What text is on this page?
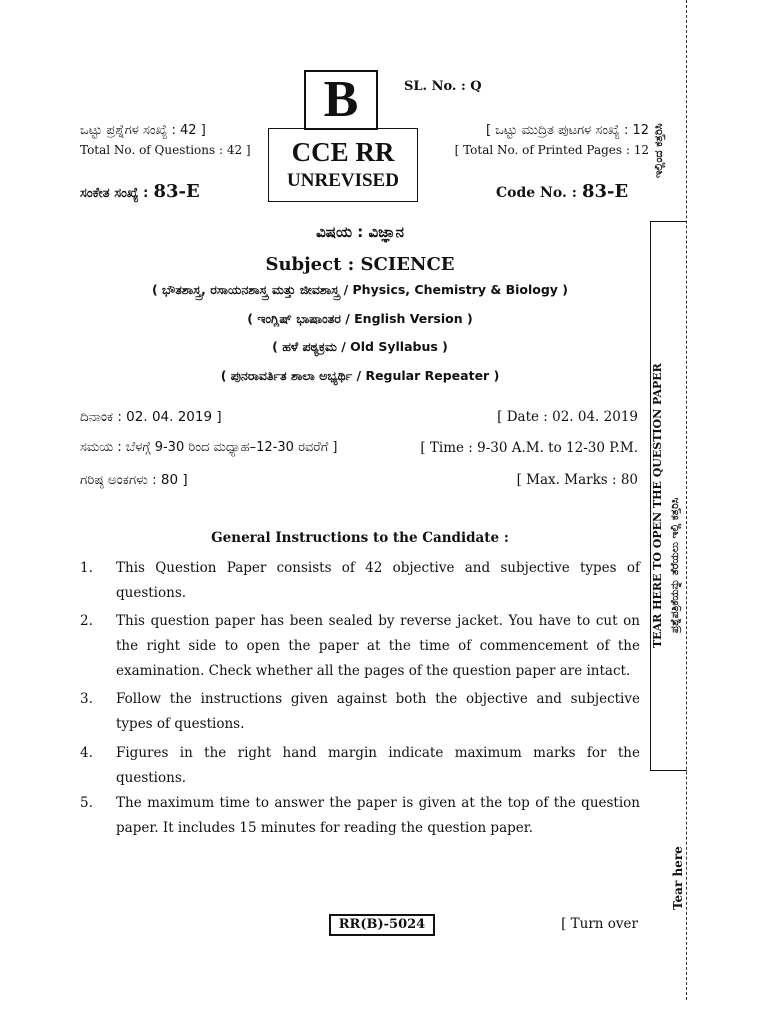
B	SL. No. : Q
ಒಟ್ಟು ಪ್ರಶ್ನೆಗಳ ಸಂಖ್ಯೆ : 42 ]
Total No. of Questions : 42 ]
[ ಒಟ್ಟು ಮುದ್ರಿತ ಪುಟಗಳ ಸಂಖ್ಯೆ : 12
[ Total No. of Printed Pages : 12
CCE RR
UNREVISED
ಸಂಕೇತ ಸಂಖ್ಯೆ : 83-E	Code No. : 83-E
ವಿಷಯ : ವಿಜ್ಞಾನ
Subject : SCIENCE
( ಭೌತಶಾಸ್ತ್ರ, ರಸಾಯನಶಾಸ್ತ್ರ ಮತ್ತು ಜೀವಶಾಸ್ತ್ರ / Physics, Chemistry & Biology )
( ಇಂಗ್ಲಿಷ್ ಭಾಷಾಂತರ / English Version )
( ಹಳೆ ಪಠ್ಯಕ್ರಮ / Old Syllabus )
( ಪುನರಾವರ್ತಿತ ಶಾಲಾ ಅಭ್ಯರ್ಥಿ / Regular Repeater )
ದಿನಾಂಕ : 02. 04. 2019 ]	[ Date : 02. 04. 2019
ಸಮಯ : ಬೆಳಗ್ಗೆ 9-30 ರಿಂದ ಮಧ್ಯಾಹ–12-30 ರವರೆಗೆ ]	[ Time : 9-30 A.M. to 12-30 P.M.
ಗರಿಷ್ಠ ಅಂಕಗಳು : 80 ]	[ Max. Marks : 80
General Instructions to the Candidate :
1. This Question Paper consists of 42 objective and subjective types of questions.
2. This question paper has been sealed by reverse jacket. You have to cut on the right side to open the paper at the time of commencement of the examination. Check whether all the pages of the question paper are intact.
3. Follow the instructions given against both the objective and subjective types of questions.
4. Figures in the right hand margin indicate maximum marks for the questions.
5. The maximum time to answer the paper is given at the top of the question paper. It includes 15 minutes for reading the question paper.
RR(B)-5024	[ Turn over
ಇಲ್ಲಿಂದ ಕತ್ತರಿಸಿ
TEAR HERE TO OPEN THE QUESTION PAPER ಪ್ರಶ್ನೆಪತ್ರಿಕೆಯನ್ನು ತೆರೆಯಲು ಇಲ್ಲಿ ಕತ್ತರಿಸಿ
Tear here
